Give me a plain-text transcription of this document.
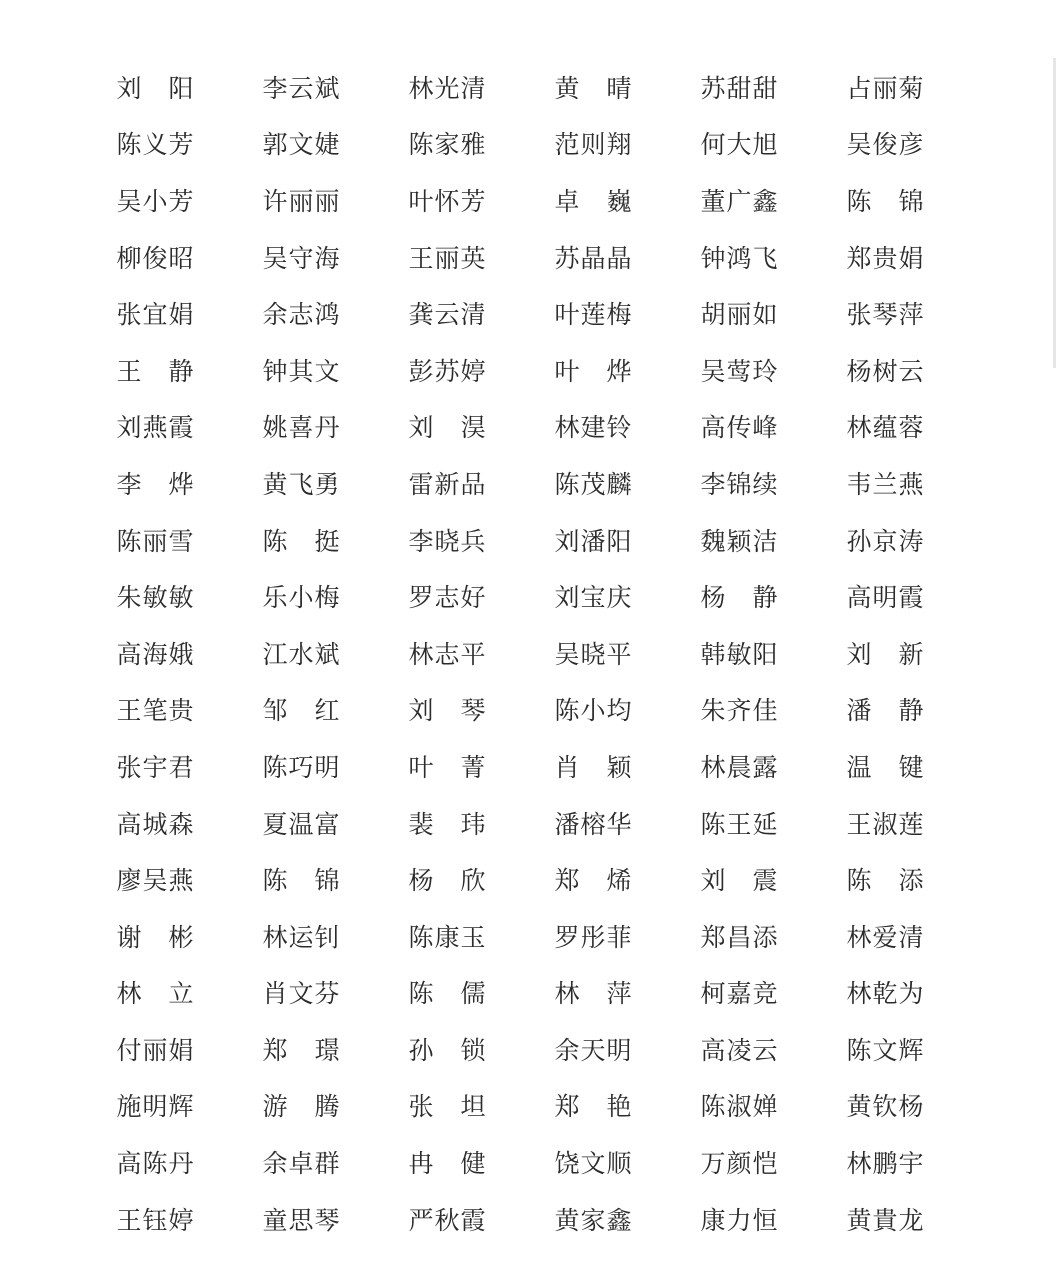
刘 阳	李 云 斌	林 光 清	黄 晴	苏 甜 甜	占 丽 菊
陈 义 芳	郭 文 婕	陈 家 雅	范 则 翔	何 大 旭	吴 俊 彦
吴 小 芳	许 丽 丽	叶 怀 芳	卓 巍	董 广 鑫	陈 锦
柳 俊 昭	吴 守 海	王 丽 英	苏 晶 晶	钟 鸿 飞	郑 贵 娟
张 宜 娟	余 志 鸿	龚 云 清	叶 莲 梅	胡 丽 如	张 琴 萍
王 静	钟 其 文	彭 苏 婷	叶 烨	吴 莺 玲	杨 树 云
刘 燕 霞	姚 喜 丹	刘 淏	林 建 铃	高 传 峰	林 蕴 蓉
李 烨	黄 飞 勇	雷 新 品	陈 茂 麟	李 锦 续	韦 兰 燕
陈 丽 雪	陈 挺	李 晓 兵	刘 潘 阳	魏 颖 洁	孙 京 涛
朱 敏 敏	乐 小 梅	罗 志 好	刘 宝 庆	杨 静	高 明 霞
高 海 娥	江 水 斌	林 志 平	吴 晓 平	韩 敏 阳	刘 新
王 笔 贵	邹 红	刘 琴	陈 小 均	朱 齐 佳	潘 静
张 宇 君	陈 巧 明	叶 菁	肖 颖	林 晨 露	温 键
高 城 森	夏 温 富	裴 玮	潘 榕 华	陈 王 延	王 淑 莲
廖 吴 燕	陈 锦	杨 欣	郑 烯	刘 震	陈 添
谢 彬	林 运 钊	陈 康 玉	罗 彤 菲	郑 昌 添	林 爱 清
林 立	肖 文 芬	陈 儒	林 萍	柯 嘉 竞	林 乾 为
付 丽 娟	郑 璟	孙 锁	余 天 明	高 凌 云	陈 文 辉
施 明 辉	游 腾	张 坦	郑 艳	陈 淑 婵	黄 钦 杨
高 陈 丹	余 卓 群	冉 健	饶 文 顺	万 颜 恺	林 鹏 宇
王 钰 婷	童 思 琴	严 秋 霞	黄 家 鑫	康 力 恒	黄 貴 龙
